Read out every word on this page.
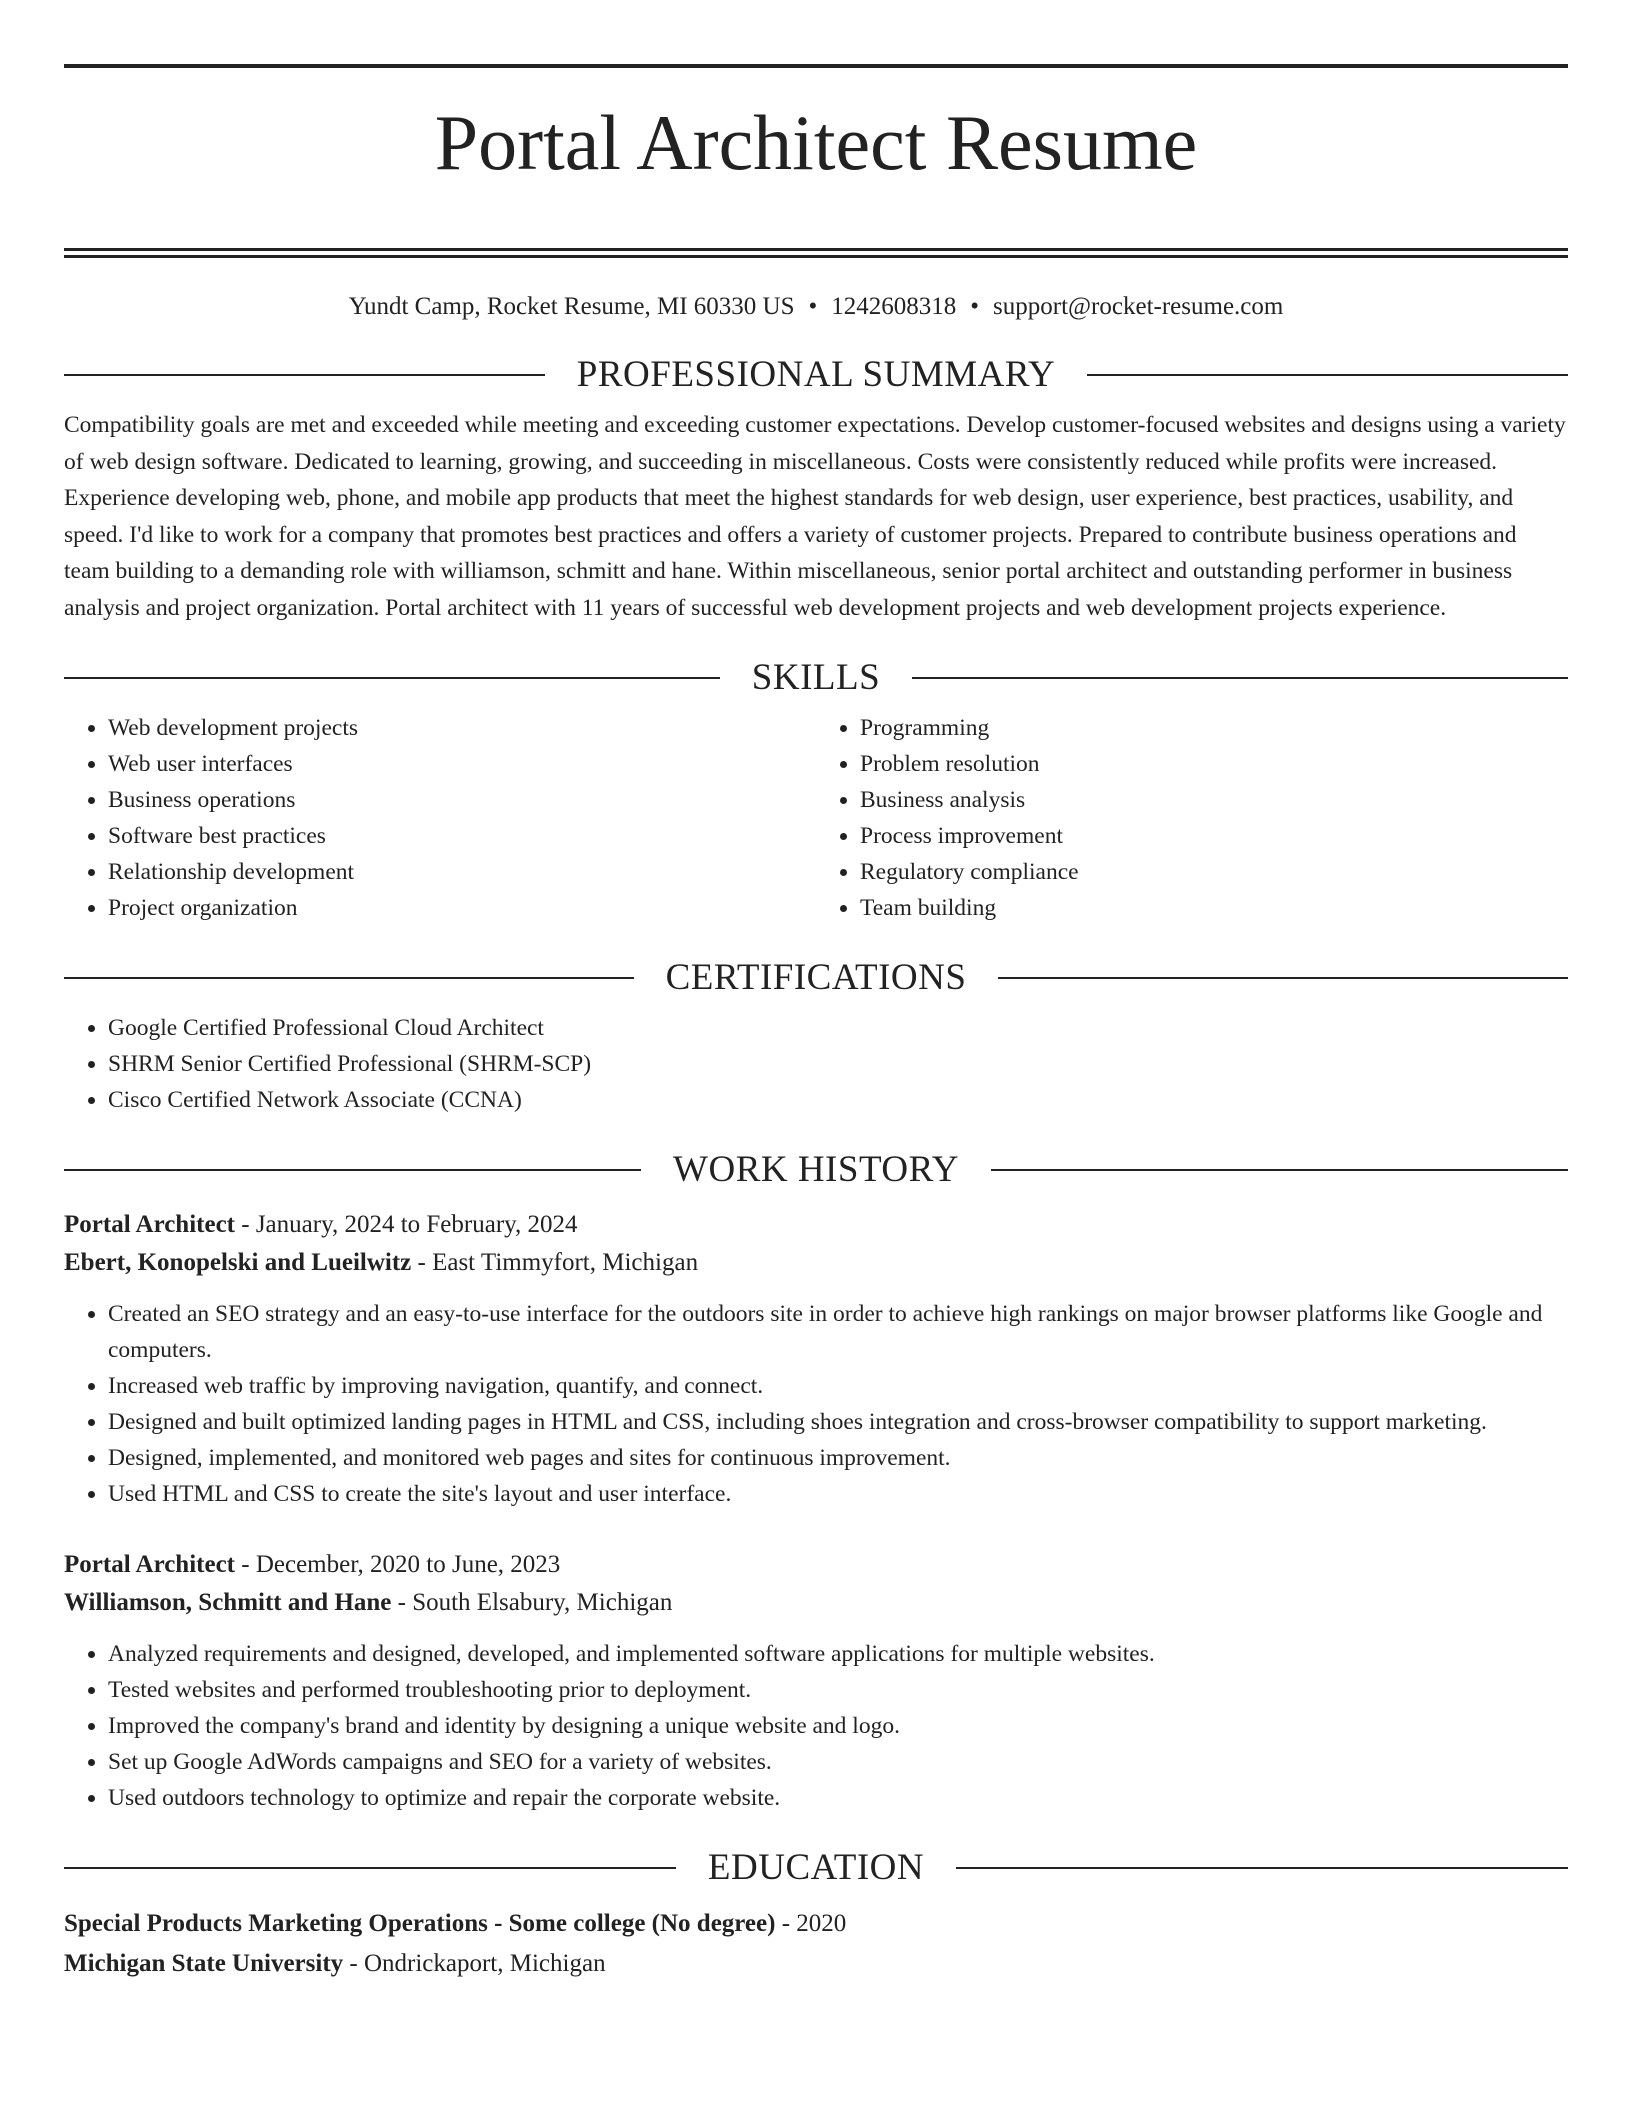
Portal Architect Resume
Yundt Camp, Rocket Resume, MI 60330 US • 1242608318 • support@rocket-resume.com
PROFESSIONAL SUMMARY

Compatibility goals are met and exceeded while meeting and exceeding customer expectations. Develop customer-focused websites and designs using a variety of web design software. Dedicated to learning, growing, and succeeding in miscellaneous. Costs were consistently reduced while profits were increased. Experience developing web, phone, and mobile app products that meet the highest standards for web design, user experience, best practices, usability, and speed. I'd like to work for a company that promotes best practices and offers a variety of customer projects. Prepared to contribute business operations and team building to a demanding role with williamson, schmitt and hane. Within miscellaneous, senior portal architect and outstanding performer in business analysis and project organization. Portal architect with 11 years of successful web development projects and web development projects experience.

SKILLS
• Web development projects
• Web user interfaces
• Business operations
• Software best practices
• Relationship development
• Project organization
• Programming
• Problem resolution
• Business analysis
• Process improvement
• Regulatory compliance
• Team building
CERTIFICATIONS
• Google Certified Professional Cloud Architect
• SHRM Senior Certified Professional (SHRM-SCP)
• Cisco Certified Network Associate (CCNA)
WORK HISTORY
Portal Architect - January, 2024 to February, 2024
Ebert, Konopelski and Lueilwitz - East Timmyfort, Michigan
• Created an SEO strategy and an easy-to-use interface for the outdoors site in order to achieve high rankings on major browser platforms like Google and computers.
• Increased web traffic by improving navigation, quantify, and connect.
• Designed and built optimized landing pages in HTML and CSS, including shoes integration and cross-browser compatibility to support marketing.
• Designed, implemented, and monitored web pages and sites for continuous improvement.
• Used HTML and CSS to create the site's layout and user interface.
Portal Architect - December, 2020 to June, 2023
Williamson, Schmitt and Hane - South Elsabury, Michigan
• Analyzed requirements and designed, developed, and implemented software applications for multiple websites.
• Tested websites and performed troubleshooting prior to deployment.
• Improved the company's brand and identity by designing a unique website and logo.
• Set up Google AdWords campaigns and SEO for a variety of websites.
• Used outdoors technology to optimize and repair the corporate website.
EDUCATION
Special Products Marketing Operations - Some college (No degree) - 2020
Michigan State University - Ondrickaport, Michigan
